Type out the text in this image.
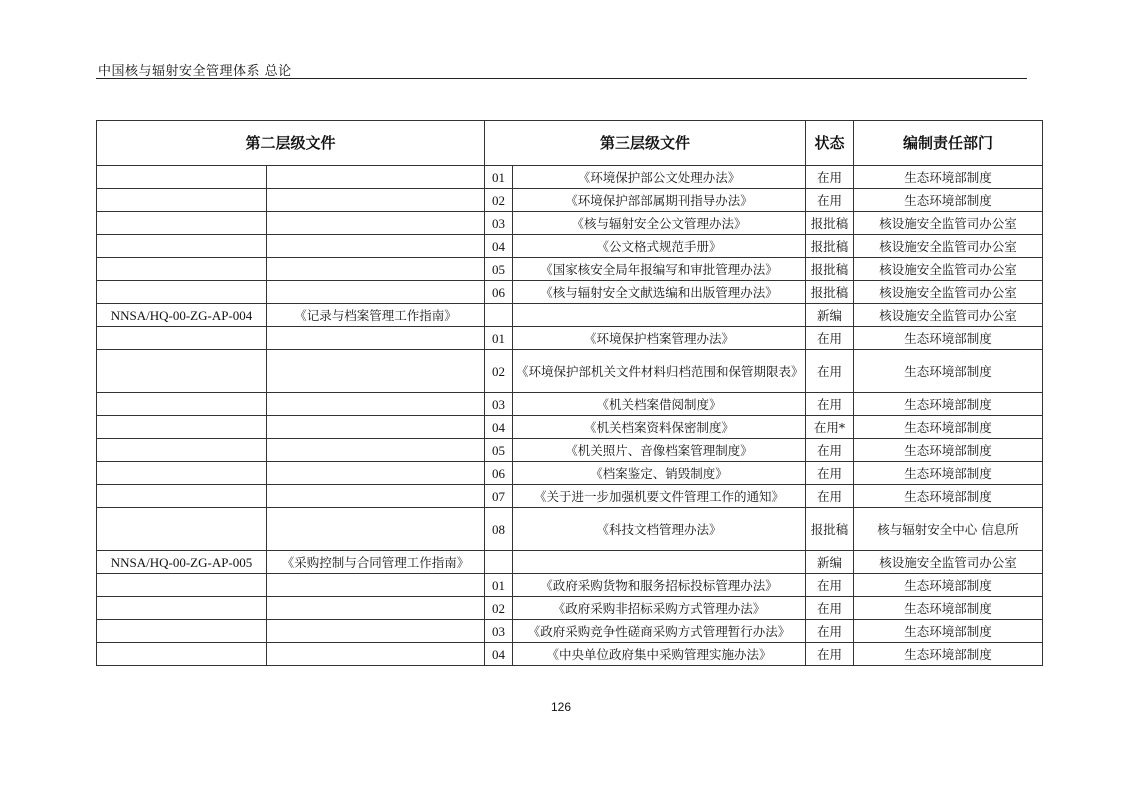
中国核与辐射安全管理体系 总论
第二层级文件		第三层级文件		状态	编制责任部门
		01	《环境保护部公文处理办法》	在用	生态环境部制度
		02	《环境保护部部属期刊指导办法》	在用	生态环境部制度
		03	《核与辐射安全公文管理办法》	报批稿	核设施安全监管司办公室
		04	《公文格式规范手册》	报批稿	核设施安全监管司办公室
		05	《国家核安全局年报编写和审批管理办法》	报批稿	核设施安全监管司办公室
		06	《核与辐射安全文献选编和出版管理办法》	报批稿	核设施安全监管司办公室
NNSA/HQ-00-ZG-AP-004	《记录与档案管理工作指南》			新编	核设施安全监管司办公室
		01	《环境保护档案管理办法》	在用	生态环境部制度
		02	《环境保护部机关文件材料归档范围和保管期限表》	在用	生态环境部制度
		03	《机关档案借阅制度》	在用	生态环境部制度
		04	《机关档案资料保密制度》	在用*	生态环境部制度
		05	《机关照片、音像档案管理制度》	在用	生态环境部制度
		06	《档案鉴定、销毁制度》	在用	生态环境部制度
		07	《关于进一步加强机要文件管理工作的通知》	在用	生态环境部制度
		08	《科技文档管理办法》	报批稿	核与辐射安全中心 信息所
NNSA/HQ-00-ZG-AP-005	《采购控制与合同管理工作指南》			新编	核设施安全监管司办公室
		01	《政府采购货物和服务招标投标管理办法》	在用	生态环境部制度
		02	《政府采购非招标采购方式管理办法》	在用	生态环境部制度
		03	《政府采购竞争性磋商采购方式管理暂行办法》	在用	生态环境部制度
		04	《中央单位政府集中采购管理实施办法》	在用	生态环境部制度
126
